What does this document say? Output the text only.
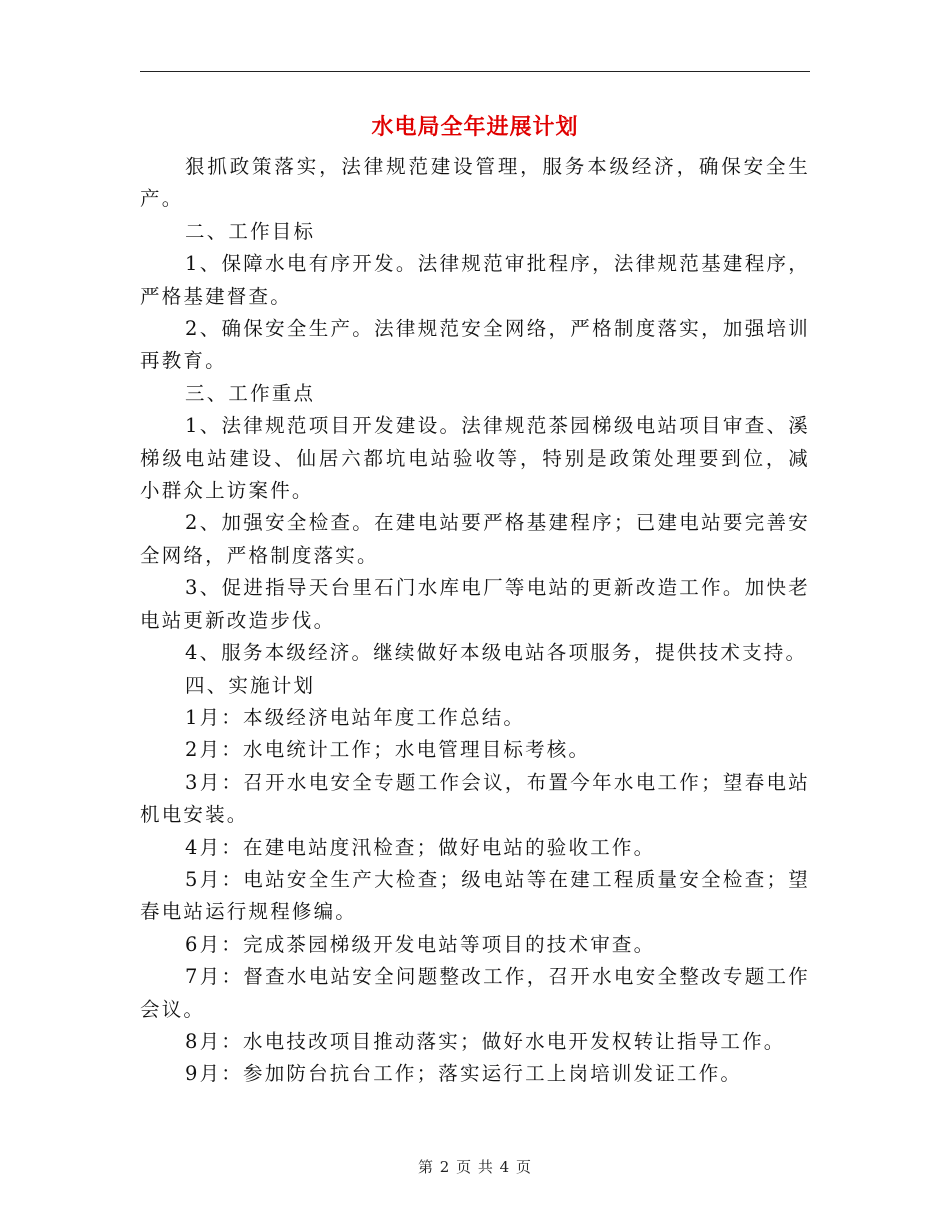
水电局全年进展计划

狠抓政策落实，法律规范建设管理，服务本级经济，确保安全生产。

二、工作目标

1、保障水电有序开发。法律规范审批程序，法律规范基建程序，严格基建督查。

2、确保安全生产。法律规范安全网络，严格制度落实，加强培训再教育。

三、工作重点

1、法律规范项目开发建设。法律规范茶园梯级电站项目审查、溪梯级电站建设、仙居六都坑电站验收等，特别是政策处理要到位，减小群众上访案件。

2、加强安全检查。在建电站要严格基建程序；已建电站要完善安全网络，严格制度落实。

3、促进指导天台里石门水库电厂等电站的更新改造工作。加快老电站更新改造步伐。

4、服务本级经济。继续做好本级电站各项服务，提供技术支持。

四、实施计划

1月：本级经济电站年度工作总结。

2月：水电统计工作；水电管理目标考核。

3月：召开水电安全专题工作会议，布置今年水电工作；望春电站机电安装。

4月：在建电站度汛检查；做好电站的验收工作。

5月：电站安全生产大检查；级电站等在建工程质量安全检查；望春电站运行规程修编。

6月：完成茶园梯级开发电站等项目的技术审查。

7月：督查水电站安全问题整改工作，召开水电安全整改专题工作会议。

8月：水电技改项目推动落实；做好水电开发权转让指导工作。

9月：参加防台抗台工作；落实运行工上岗培训发证工作。

第 2 页 共 4 页
